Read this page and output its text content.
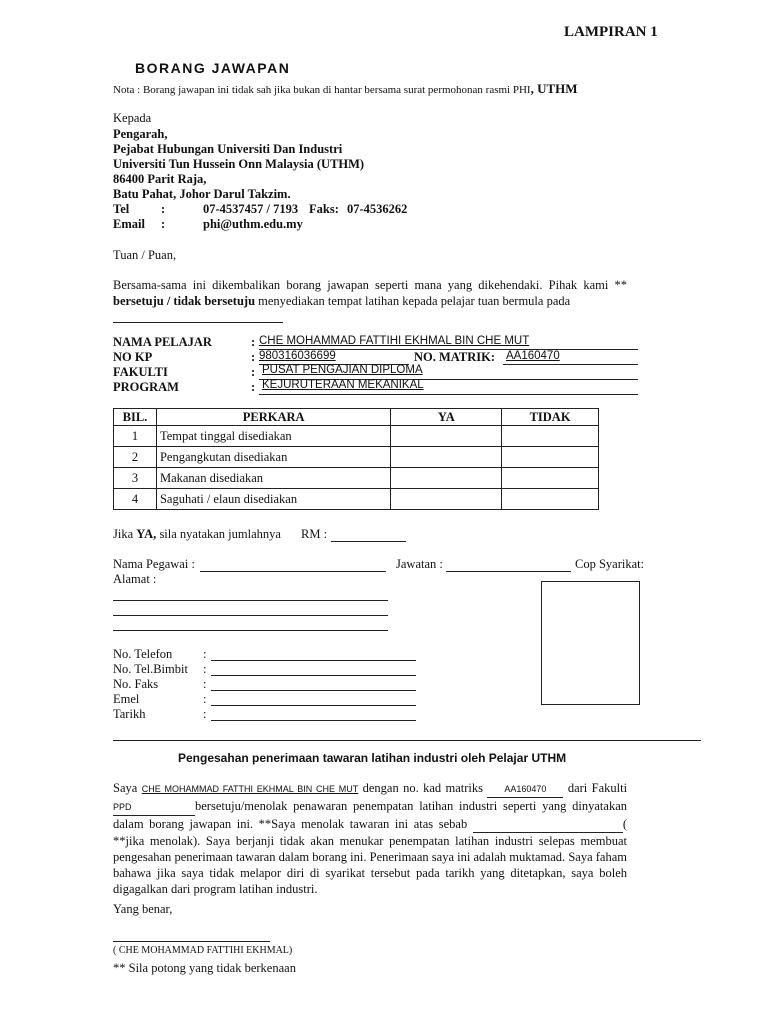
LAMPIRAN 1
BORANG JAWAPAN
Nota : Borang jawapan ini tidak sah jika bukan di hantar bersama surat permohonan rasmi PHI, UTHM
Kepada
Pengarah,
Pejabat Hubungan Universiti Dan Industri
Universiti Tun Hussein Onn Malaysia (UTHM)
86400 Parit Raja,
Batu Pahat, Johor Darul Takzim.
Tel	:	07-4537457 / 7193 Faks: 07-4536262
Email :	phi@uthm.edu.my
Tuan / Puan,
Bersama-sama ini dikembalikan borang jawapan seperti mana yang dikehendaki. Pihak kami ** bersetuju / tidak bersetuju menyediakan tempat latihan kepada pelajar tuan bermula pada
NAMA PELAJAR	: CHE MOHAMMAD FATTIHI EKHMAL BIN CHE MUT
NO KP	: 980316036699	NO. MATRIK: AA160470
FAKULTI	: PUSAT PENGAJIAN DIPLOMA
PROGRAM	: KEJURUTERAAN MEKANIKAL
BIL.	PERKARA	YA	TIDAK
1	Tempat tinggal disediakan		
2	Pengangkutan disediakan		
3	Makanan disediakan		
4	Saguhati / elaun disediakan		
Jika YA, sila nyatakan jumlahnya RM :
Nama Pegawai :	Jawatan :	Cop Syarikat:
Alamat :
No. Telefon :
No. Tel.Bimbit :
No. Faks	:
Emel	:
Tarikh	:
Pengesahan penerimaan tawaran latihan industri oleh Pelajar UTHM
Saya CHE MOHAMMAD FATTHI EKHMAL BIN CHE MUT dengan no. kad matriks AA160470 dari Fakulti PPD	bersetuju/menolak penawaran penempatan latihan industri seperti yang dinyatakan dalam borang jawapan ini. **Saya menolak tawaran ini atas sebab	( **jika menolak). Saya berjanji tidak akan menukar penempatan latihan industri selepas membuat pengesahan penerimaan tawaran dalam borang ini. Penerimaan saya ini adalah muktamad. Saya faham bahawa jika saya tidak melapor diri di syarikat tersebut pada tarikh yang ditetapkan, saya boleh digagalkan dari program latihan industri.
Yang benar,
( CHE MOHAMMAD FATTIHI EKHMAL)
** Sila potong yang tidak berkenaan
